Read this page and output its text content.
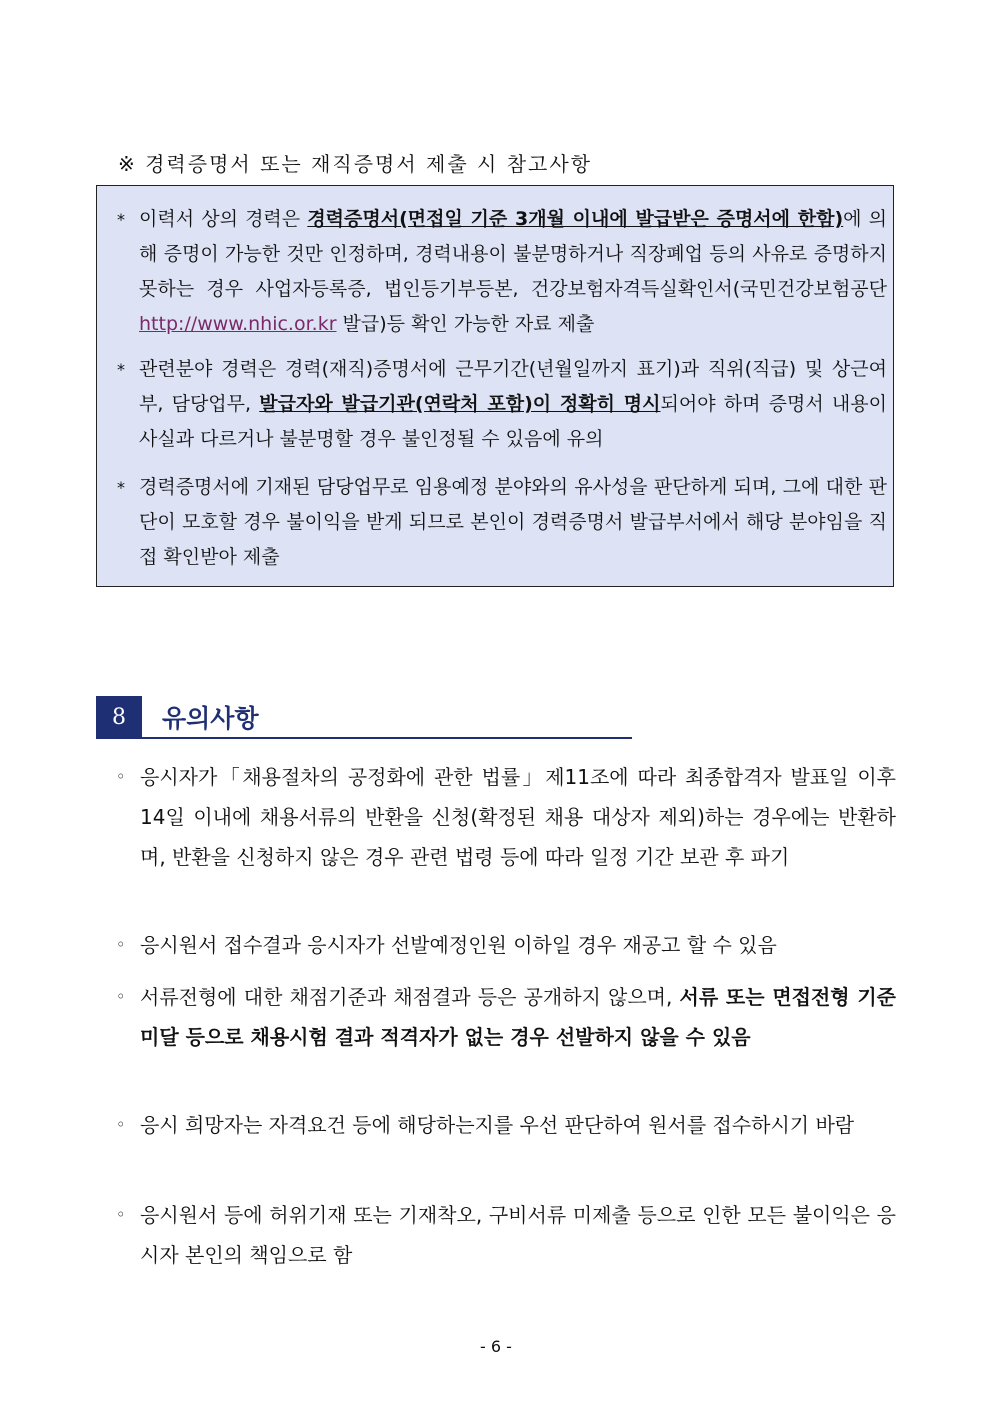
※ 경력증명서 또는 재직증명서 제출 시 참고사항
* 이력서 상의 경력은 경력증명서(면접일 기준 3개월 이내에 발급받은 증명서에 한함)에 의해 증명이 가능한 것만 인정하며, 경력내용이 불분명하거나 직장폐업 등의 사유로 증명하지 못하는 경우 사업자등록증, 법인등기부등본, 건강보험자격득실확인서(국민건강보험공단 http://www.nhic.or.kr 발급)등 확인 가능한 자료 제출
* 관련분야 경력은 경력(재직)증명서에 근무기간(년월일까지 표기)과 직위(직급) 및 상근여부, 담당업무, 발급자와 발급기관(연락처 포함)이 정확히 명시되어야 하며 증명서 내용이 사실과 다르거나 불분명할 경우 불인정될 수 있음에 유의
* 경력증명서에 기재된 담당업무로 임용예정 분야와의 유사성을 판단하게 되며, 그에 대한 판단이 모호할 경우 불이익을 받게 되므로 본인이 경력증명서 발급부서에서 해당 분야임을 직접 확인받아 제출
8	유의사항
◦ 응시자가「채용절차의 공정화에 관한 법률」제11조에 따라 최종합격자 발표일 이후 14일 이내에 채용서류의 반환을 신청(확정된 채용 대상자 제외)하는 경우에는 반환하며, 반환을 신청하지 않은 경우 관련 법령 등에 따라 일정 기간 보관 후 파기
◦ 응시원서 접수결과 응시자가 선발예정인원 이하일 경우 재공고 할 수 있음
◦ 서류전형에 대한 채점기준과 채점결과 등은 공개하지 않으며, 서류 또는 면접전형 기준 미달 등으로 채용시험 결과 적격자가 없는 경우 선발하지 않을 수 있음
◦ 응시 희망자는 자격요건 등에 해당하는지를 우선 판단하여 원서를 접수하시기 바람
◦ 응시원서 등에 허위기재 또는 기재착오, 구비서류 미제출 등으로 인한 모든 불이익은 응시자 본인의 책임으로 함
- 6 -
